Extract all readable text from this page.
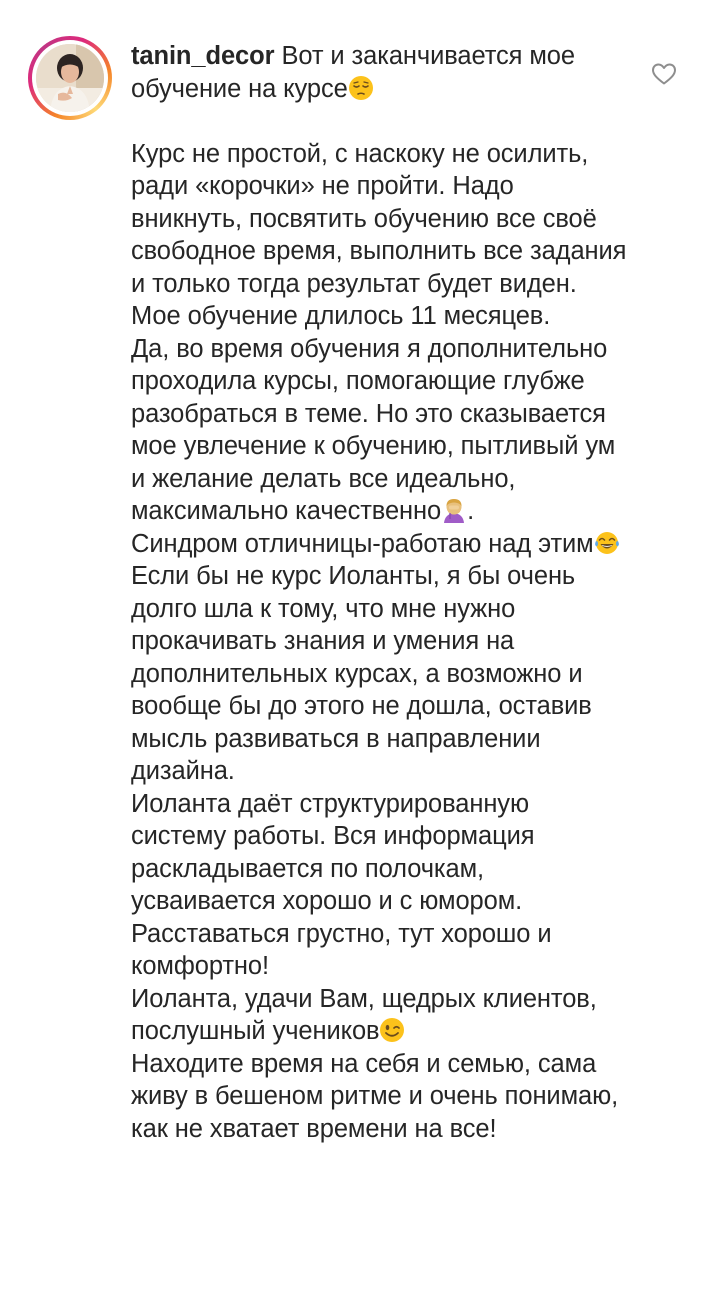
tanin_decor Вот и заканчивается мое обучение на курсе

Курс не простой, с наскоку не осилить, ради «корочки» не пройти. Надо вникнуть, посвятить обучению все своё свободное время, выполнить все задания и только тогда результат будет виден.

Мое обучение длилось 11 месяцев.

Да, во время обучения я дополнительно проходила курсы, помогающие глубже разобраться в теме. Но это сказывается мое увлечение к обучению, пытливый ум и желание делать все идеально, максимально качественно .

Синдром отличницы-работаю над этим

Если бы не курс Иоланты, я бы очень долго шла к тому, что мне нужно прокачивать знания и умения на дополнительных курсах, а возможно и вообще бы до этого не дошла, оставив мысль развиваться в направлении дизайна.

Иоланта даёт структурированную систему работы. Вся информация раскладывается по полочкам, усваивается хорошо и с юмором.

Расставаться грустно, тут хорошо и комфортно!

Иоланта, удачи Вам, щедрых клиентов, послушный учеников

Находите время на себя и семью, сама живу в бешеном ритме и очень понимаю, как не хватает времени на все!
